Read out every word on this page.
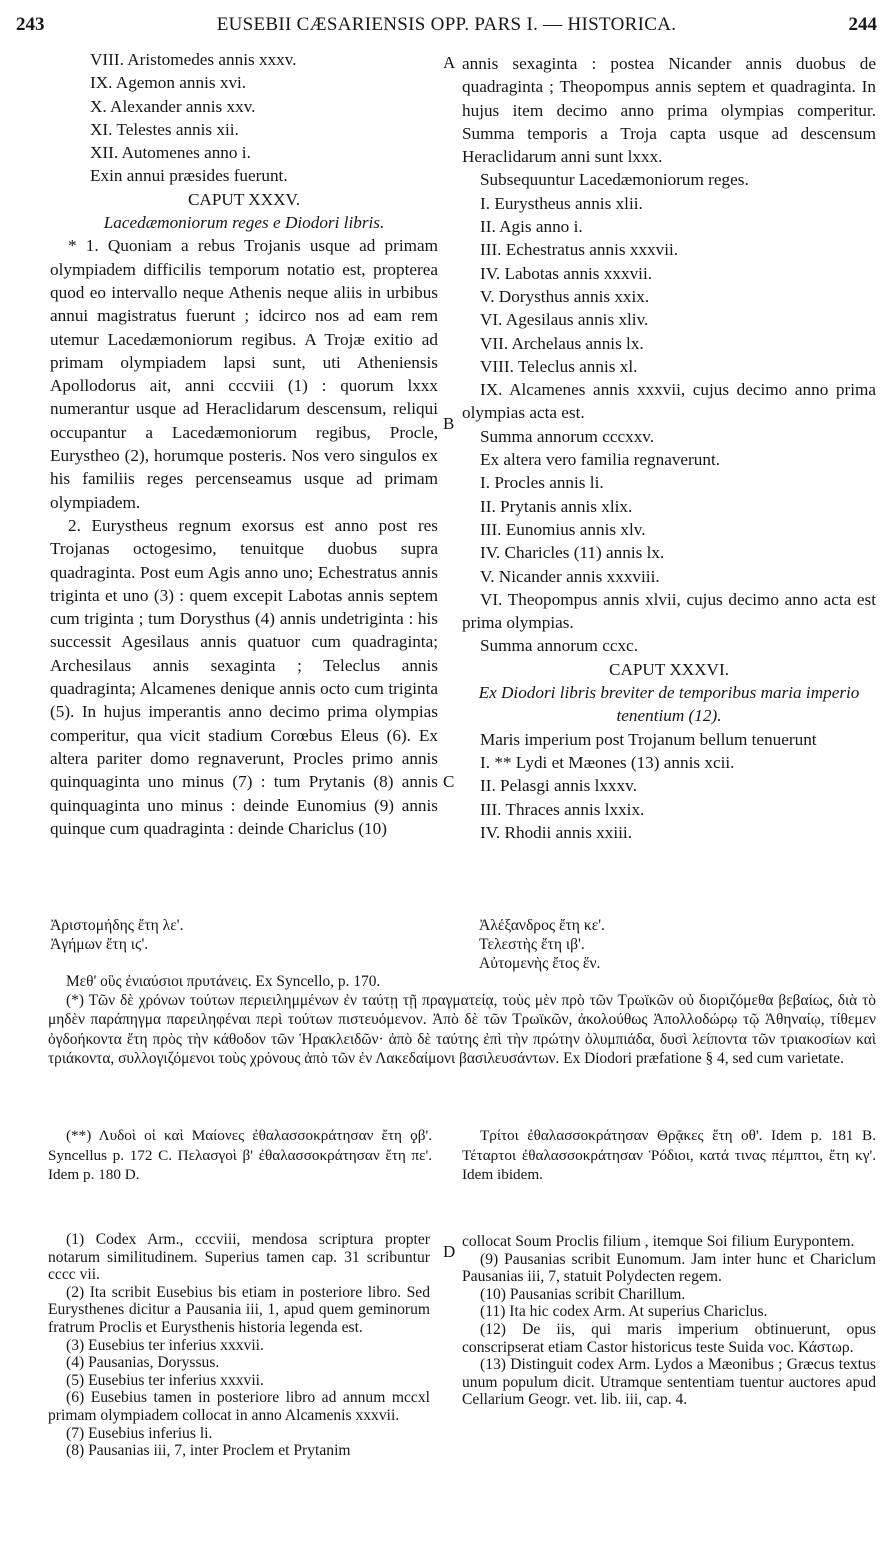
243	EUSEBII CÆSARIENSIS OPP. PARS I. — HISTORICA.	244
A
B
C
D

VIII. Aristomedes annis xxxv.

IX. Agemon annis xvi.

X. Alexander annis xxv.

XI. Telestes annis xii.

XII. Automenes anno i.

Exin annui præsides fuerunt.

CAPUT XXXV.

Lacedæmoniorum reges e Diodori libris.

* 1. Quoniam a rebus Trojanis usque ad primam olympiadem difficilis temporum notatio est, propterea quod eo intervallo neque Athenis neque aliis in urbibus annui magistratus fuerunt ; idcirco nos ad eam rem utemur Lacedæmoniorum regibus. A Trojæ exitio ad primam olympiadem lapsi sunt, uti Atheniensis Apollodorus ait, anni cccviii (1) : quorum lxxx numerantur usque ad Heraclidarum descensum, reliqui occupantur a Lacedæmoniorum regibus, Procle, Eurystheo (2), horumque posteris. Nos vero singulos ex his familiis reges percenseamus usque ad primam olympiadem.

2. Eurystheus regnum exorsus est anno post res Trojanas octogesimo, tenuitque duobus supra quadraginta. Post eum Agis anno uno; Echestratus annis triginta et uno (3) : quem excepit Labotas annis septem cum triginta ; tum Dorysthus (4) annis undetriginta : his successit Agesilaus annis quatuor cum quadraginta; Archesilaus annis sexaginta ; Teleclus annis quadraginta; Alcamenes denique annis octo cum triginta (5). In hujus imperantis anno decimo prima olympias comperitur, qua vicit stadium Corœbus Eleus (6). Ex altera pariter domo regnaverunt, Procles primo annis quinquaginta uno minus (7) : tum Prytanis (8) annis quinquaginta uno minus : deinde Eunomius (9) annis quinque cum quadraginta : deinde Chariclus (10)

annis sexaginta : postea Nicander annis duobus de quadraginta ; Theopompus annis septem et quadraginta. In hujus item decimo anno prima olympias comperitur. Summa temporis a Troja capta usque ad descensum Heraclidarum anni sunt lxxx.

Subsequuntur Lacedæmoniorum reges.

I. Eurystheus annis xlii.

II. Agis anno i.

III. Echestratus annis xxxvii.

IV. Labotas annis xxxvii.

V. Dorysthus annis xxix.

VI. Agesilaus annis xliv.

VII. Archelaus annis lx.

VIII. Teleclus annis xl.

IX. Alcamenes annis xxxvii, cujus decimo anno prima olympias acta est.

Summa annorum cccxxv.

Ex altera vero familia regnaverunt.

I. Procles annis li.

II. Prytanis annis xlix.

III. Eunomius annis xlv.

IV. Charicles (11) annis lx.

V. Nicander annis xxxviii.

VI. Theopompus annis xlvii, cujus decimo anno acta est prima olympias.

Summa annorum ccxc.

CAPUT XXXVI.

Ex Diodori libris breviter de temporibus maria imperio tenentium (12).

Maris imperium post Trojanum bellum tenuerunt

I. ** Lydi et Mæones (13) annis xcii.

II. Pelasgi annis lxxxv.

III. Thraces annis lxxix.

IV. Rhodii annis xxiii.

Ἀριστομήδης ἔτη λε'.

Ἀγήμων ἔτη ιϛ'.

Ἀλέξανδρος ἔτη κε'.

Τελεστὴς ἔτη ιβ'.

Αὐτομενὴς ἔτος ἕν.

Μεθ' οὓς ἐνιαύσιοι πρυτάνεις. Ex Syncello, p. 170.

(*) Τῶν δὲ χρόνων τούτων περιειλημμένων ἐν ταύτῃ τῇ πραγματείᾳ, τοὺς μὲν πρὸ τῶν Τρωϊκῶν οὐ διοριζόμεθα βεβαίως, διὰ τὸ μηδὲν παράπηγμα παρειληφέναι περὶ τούτων πιστευόμενον. Ἀπὸ δὲ τῶν Τρωϊκῶν, ἀκολούθως Ἀπολλοδώρῳ τῷ Ἀθηναίῳ, τίθεμεν ὀγδοήκοντα ἔτη πρὸς τὴν κάθοδον τῶν Ἡρακλειδῶν· ἀπὸ δὲ ταύτης ἐπὶ τὴν πρώτην ὀλυμπιάδα, δυσὶ λείποντα τῶν τριακοσίων καὶ τριάκοντα, συλλογιζόμενοι τοὺς χρόνους ἀπὸ τῶν ἐν Λακεδαίμονι βασιλευσάντων. Ex Diodori præfatione § 4, sed cum varietate.

(**) Λυδοὶ οἱ καὶ Μαίονες ἐθαλασσοκράτησαν ἔτη ϙβ'. Syncellus p. 172 C. Πελασγοὶ β' ἐθαλασσοκράτησαν ἔτη πε'. Idem p. 180 D.

Τρίτοι ἐθαλασσοκράτησαν Θρᾷκες ἔτη οθ'. Idem p. 181 B. Τέταρτοι ἐθαλασσοκράτησαν Ῥόδιοι, κατά τινας πέμπτοι, ἔτη κγ'. Idem ibidem.

(1) Codex Arm., cccviii, mendosa scriptura propter notarum similitudinem. Superius tamen cap. 31 scribuntur cccc vii.

(2) Ita scribit Eusebius bis etiam in posteriore libro. Sed Eurysthenes dicitur a Pausania iii, 1, apud quem geminorum fratrum Proclis et Eurysthenis historia legenda est.

(3) Eusebius ter inferius xxxvii.

(4) Pausanias, Doryssus.

(5) Eusebius ter inferius xxxvii.

(6) Eusebius tamen in posteriore libro ad annum mccxl primam olympiadem collocat in anno Alcamenis xxxvii.

(7) Eusebius inferius li.

(8) Pausanias iii, 7, inter Proclem et Prytanim

collocat Soum Proclis filium , itemque Soi filium Eurypontem.

(9) Pausanias scribit Eunomum. Jam inter hunc et Chariclum Pausanias iii, 7, statuit Polydecten regem.

(10) Pausanias scribit Charillum.

(11) Ita hic codex Arm. At superius Chariclus.

(12) De iis, qui maris imperium obtinuerunt, opus conscripserat etiam Castor historicus teste Suida voc. Κάστωρ.

(13) Distinguit codex Arm. Lydos a Mæonibus ; Græcus textus unum populum dicit. Utramque sententiam tuentur auctores apud Cellarium Geogr. vet. lib. iii, cap. 4.
